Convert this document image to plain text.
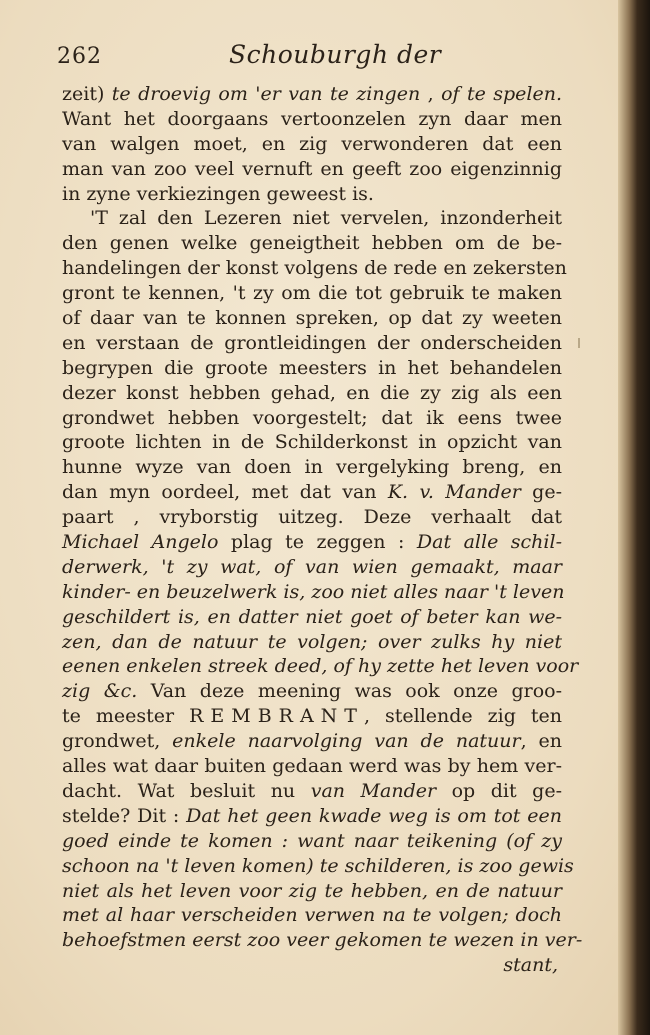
262	Schouburgh der
zeit) te droevig om 'er van te zingen , of te spelen.
Want het doorgaans vertoonzelen zyn daar men
van walgen moet, en zig verwonderen dat een
man van zoo veel vernuft en geeft zoo eigenzinnig
in zyne verkiezingen geweest is.
'T zal den Lezeren niet vervelen, inzonderheit
den genen welke geneigtheit hebben om de be-
handelingen der konst volgens de rede en zekersten
gront te kennen, 't zy om die tot gebruik te maken
of daar van te konnen spreken, op dat zy weeten
en verstaan de grontleidingen der onderscheiden
begrypen die groote meesters in het behandelen
dezer konst hebben gehad, en die zy zig als een
grondwet hebben voorgestelt; dat ik eens twee
groote lichten in de Schilderkonst in opzicht van
hunne wyze van doen in vergelyking breng, en
dan myn oordeel, met dat van K. v. Mander ge-
paart , vryborstig uitzeg. Deze verhaalt dat
Michael Angelo plag te zeggen : Dat alle schil-
derwerk, 't zy wat, of van wien gemaakt, maar
kinder- en beuzelwerk is, zoo niet alles naar 't leven
geschildert is, en datter niet goet of beter kan we-
zen, dan de natuur te volgen; over zulks hy niet
eenen enkelen streek deed, of hy zette het leven voor
zig &c. Van deze meening was ook onze groo-
te meester REMBRANT, stellende zig ten
grondwet, enkele naarvolging van de natuur, en
alles wat daar buiten gedaan werd was by hem ver-
dacht. Wat besluit nu van Mander op dit ge-
stelde? Dit : Dat het geen kwade weg is om tot een
goed einde te komen : want naar teikening (of zy
schoon na 't leven komen) te schilderen, is zoo gewis
niet als het leven voor zig te hebben, en de natuur
met al haar verscheiden verwen na te volgen; doch
behoefstmen eerst zoo veer gekomen te wezen in ver-
stant,
